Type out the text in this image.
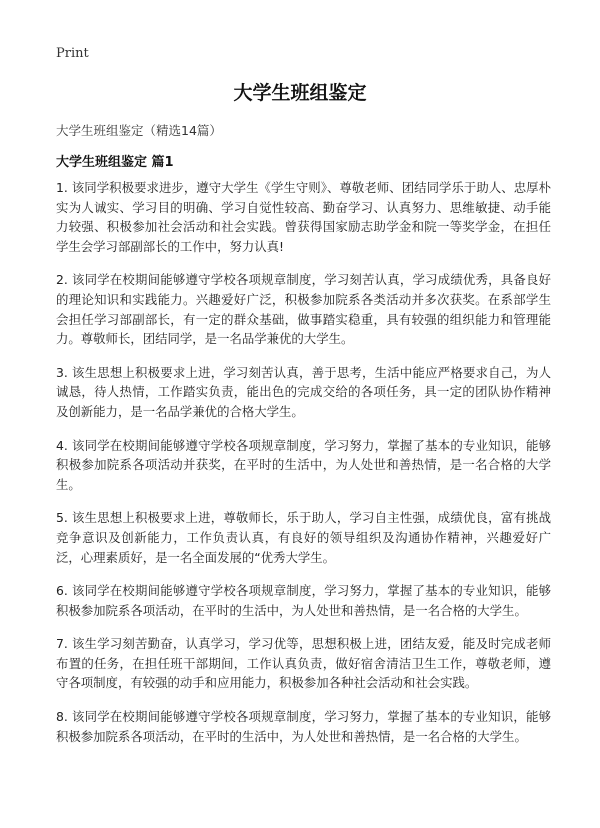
Print
大学生班组鉴定

大学生班组鉴定（精选14篇）

大学生班组鉴定 篇1

1. 该同学积极要求进步，遵守大学生《学生守则》、尊敬老师、团结同学乐于助人、忠厚朴实为人诚实、学习目的明确、学习自觉性较高、勤奋学习、认真努力、思维敏捷、动手能力较强、积极参加社会活动和社会实践。曾获得国家励志助学金和院一等奖学金，在担任学生会学习部副部长的工作中，努力认真!

2. 该同学在校期间能够遵守学校各项规章制度，学习刻苦认真，学习成绩优秀，具备良好的理论知识和实践能力。兴趣爱好广泛，积极参加院系各类活动并多次获奖。在系部学生会担任学习部副部长，有一定的群众基础，做事踏实稳重，具有较强的组织能力和管理能力。尊敬师长，团结同学，是一名品学兼优的大学生。

3. 该生思想上积极要求上进，学习刻苦认真，善于思考，生活中能应严格要求自己，为人诚恳，待人热情，工作踏实负责，能出色的完成交给的各项任务，具一定的团队协作精神及创新能力，是一名品学兼优的合格大学生。

4. 该同学在校期间能够遵守学校各项规章制度，学习努力，掌握了基本的专业知识，能够积极参加院系各项活动并获奖，在平时的生活中，为人处世和善热情，是一名合格的大学生。

5. 该生思想上积极要求上进，尊敬师长，乐于助人，学习自主性强，成绩优良，富有挑战竞争意识及创新能力，工作负责认真，有良好的领导组织及沟通协作精神，兴趣爱好广泛，心理素质好，是一名全面发展的“优秀大学生。

6. 该同学在校期间能够遵守学校各项规章制度，学习努力，掌握了基本的专业知识，能够积极参加院系各项活动，在平时的生活中，为人处世和善热情，是一名合格的大学生。

7. 该生学习刻苦勤奋，认真学习，学习优等，思想积极上进，团结友爱，能及时完成老师布置的任务，在担任班干部期间，工作认真负责，做好宿舍清洁卫生工作，尊敬老师，遵守各项制度，有较强的动手和应用能力，积极参加各种社会活动和社会实践。

8. 该同学在校期间能够遵守学校各项规章制度，学习努力，掌握了基本的专业知识，能够积极参加院系各项活动，在平时的生活中，为人处世和善热情，是一名合格的大学生。
